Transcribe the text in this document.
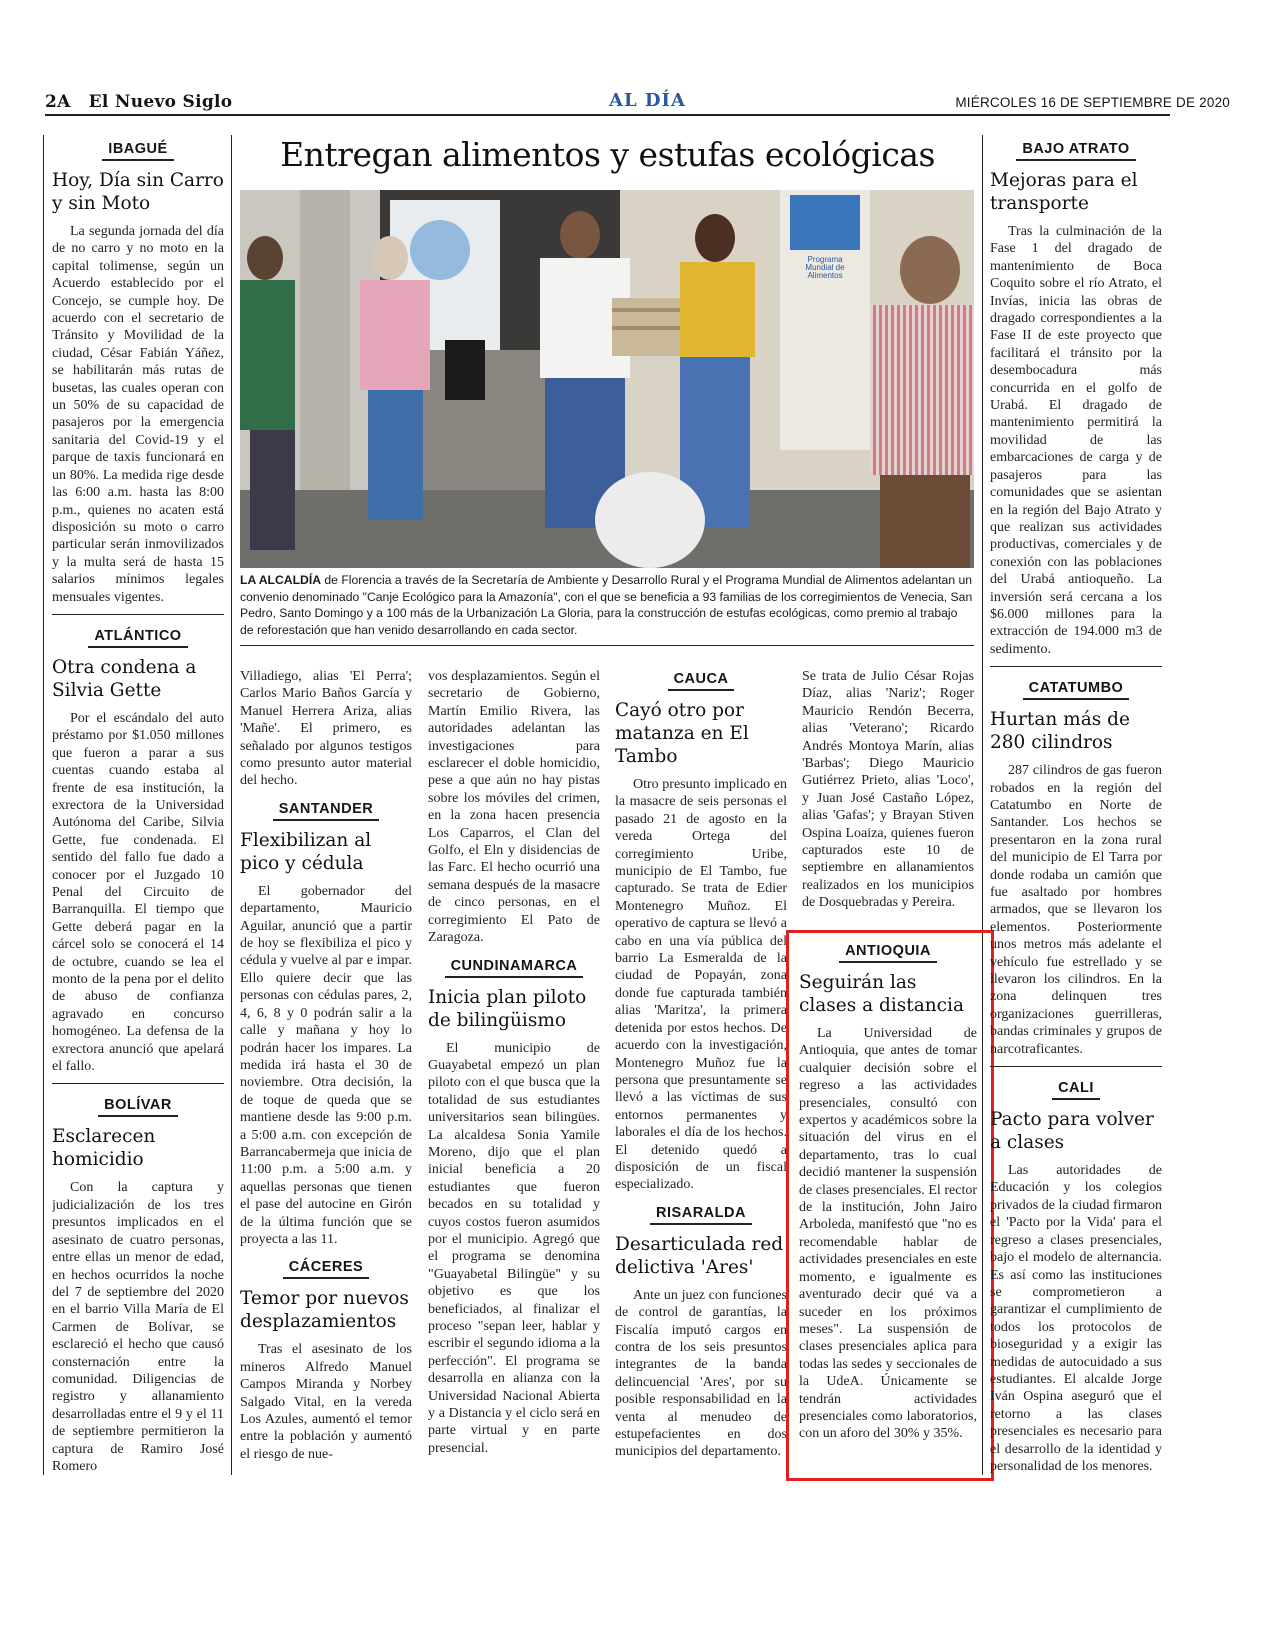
2A El Nuevo Siglo	AL DÍA	MIÉRCOLES 16 DE SEPTIEMBRE DE 2020
IBAGUÉ
Hoy, Día sin Carro y sin Moto
La segunda jornada del día de no carro y no moto en la capital tolimense, según un Acuerdo establecido por el Concejo, se cumple hoy. De acuerdo con el secretario de Tránsito y Movilidad de la ciudad, César Fabián Yáñez, se habilitarán más rutas de busetas, las cuales operan con un 50% de su capacidad de pasajeros por la emergencia sanitaria del Covid-19 y el parque de taxis funcionará en un 80%. La medida rige desde las 6:00 a.m. hasta las 8:00 p.m., quienes no acaten está disposición su moto o carro particular serán inmovilizados y la multa será de hasta 15 salarios mínimos legales mensuales vigentes.
ATLÁNTICO
Otra condena a Silvia Gette
Por el escándalo del auto préstamo por $1.050 millones que fueron a parar a sus cuentas cuando estaba al frente de esa institución, la exrectora de la Universidad Autónoma del Caribe, Silvia Gette, fue condenada. El sentido del fallo fue dado a conocer por el Juzgado 10 Penal del Circuito de Barranquilla. El tiempo que Gette deberá pagar en la cárcel solo se conocerá el 14 de octubre, cuando se lea el monto de la pena por el delito de abuso de confianza agravado en concurso homogéneo. La defensa de la exrectora anunció que apelará el fallo.
BOLÍVAR
Esclarecen homicidio
Con la captura y judicialización de los tres presuntos implicados en el asesinato de cuatro personas, entre ellas un menor de edad, en hechos ocurridos la noche del 7 de septiembre del 2020 en el barrio Villa María de El Carmen de Bolívar, se esclareció el hecho que causó consternación entre la comunidad. Diligencias de registro y allanamiento desarrolladas entre el 9 y el 11 de septiembre permitieron la captura de Ramiro José Romero
Entregan alimentos y estufas ecológicas
Programa
Mundial de
Alimentos
LA ALCALDÍA de Florencia a través de la Secretaría de Ambiente y Desarrollo Rural y el Programa Mundial de Alimentos adelantan un convenio denominado "Canje Ecológico para la Amazonía", con el que se beneficia a 93 familias de los corregimientos de Venecia, San Pedro, Santo Domingo y a 100 más de la Urbanización La Gloria, para la construcción de estufas ecológicas, como premio al trabajo de reforestación que han venido desarrollando en cada sector.
Villadiego, alias 'El Perra'; Carlos Mario Baños García y Manuel Herrera Ariza, alias 'Mañe'. El primero, es señalado por algunos testigos como presunto autor material del hecho.
SANTANDER
Flexibilizan al pico y cédula
El gobernador del departamento, Mauricio Aguilar, anunció que a partir de hoy se flexibiliza el pico y cédula y vuelve al par e impar. Ello quiere decir que las personas con cédulas pares, 2, 4, 6, 8 y 0 podrán salir a la calle y mañana y hoy lo podrán hacer los impares. La medida irá hasta el 30 de noviembre. Otra decisión, la de toque de queda que se mantiene desde las 9:00 p.m. a 5:00 a.m. con excepción de Barrancabermeja que inicia de 11:00 p.m. a 5:00 a.m. y aquellas personas que tienen el pase del autocine en Girón de la última función que se proyecta a las 11.
CÁCERES
Temor por nuevos desplazamientos
Tras el asesinato de los mineros Alfredo Manuel Campos Miranda y Norbey Salgado Vital, en la vereda Los Azules, aumentó el temor entre la población y aumentó el riesgo de nue-
vos desplazamientos. Según el secretario de Gobierno, Martín Emilio Rivera, las autoridades adelantan las investigaciones para esclarecer el doble homicidio, pese a que aún no hay pistas sobre los móviles del crimen, en la zona hacen presencia Los Caparros, el Clan del Golfo, el Eln y disidencias de las Farc. El hecho ocurrió una semana después de la masacre de cinco personas, en el corregimiento El Pato de Zaragoza.
CUNDINAMARCA
Inicia plan piloto de bilingüismo
El municipio de Guayabetal empezó un plan piloto con el que busca que la totalidad de sus estudiantes universitarios sean bilingües. La alcaldesa Sonia Yamile Moreno, dijo que el plan inicial beneficia a 20 estudiantes que fueron becados en su totalidad y cuyos costos fueron asumidos por el municipio. Agregó que el programa se denomina "Guayabetal Bilingüe" y su objetivo es que los beneficiados, al finalizar el proceso "sepan leer, hablar y escribir el segundo idioma a la perfección". El programa se desarrolla en alianza con la Universidad Nacional Abierta y a Distancia y el ciclo será en parte virtual y en parte presencial.
CAUCA
Cayó otro por matanza en El Tambo
Otro presunto implicado en la masacre de seis personas el pasado 21 de agosto en la vereda Ortega del corregimiento Uribe, municipio de El Tambo, fue capturado. Se trata de Edier Montenegro Muñoz. El operativo de captura se llevó a cabo en una vía pública del barrio La Esmeralda de la ciudad de Popayán, zona donde fue capturada también alias 'Maritza', la primera detenida por estos hechos. De acuerdo con la investigación, Montenegro Muñoz fue la persona que presuntamente se llevó a las víctimas de sus entornos permanentes y laborales el día de los hechos. El detenido quedó a disposición de un fiscal especializado.
RISARALDA
Desarticulada red delictiva 'Ares'
Ante un juez con funciones de control de garantías, la Fiscalía imputó cargos en contra de los seis presuntos integrantes de la banda delincuencial 'Ares', por su posible responsabilidad en la venta al menudeo de estupefacientes en dos municipios del departamento.
Se trata de Julio César Rojas Díaz, alias 'Nariz'; Roger Mauricio Rendón Becerra, alias 'Veterano'; Ricardo Andrés Montoya Marín, alias 'Barbas'; Diego Mauricio Gutiérrez Prieto, alias 'Loco', y Juan José Castaño López, alias 'Gafas'; y Brayan Stiven Ospina Loaiza, quienes fueron capturados este 10 de septiembre en allanamientos realizados en los municipios de Dosquebradas y Pereira.
ANTIOQUIA
Seguirán las clases a distancia
La Universidad de Antioquia, que antes de tomar cualquier decisión sobre el regreso a las actividades presenciales, consultó con expertos y académicos sobre la situación del virus en el departamento, tras lo cual decidió mantener la suspensión de clases presenciales. El rector de la institución, John Jairo Arboleda, manifestó que "no es recomendable hablar de actividades presenciales en este momento, e igualmente es aventurado decir qué va a suceder en los próximos meses". La suspensión de clases presenciales aplica para todas las sedes y seccionales de la UdeA. Únicamente se tendrán actividades presenciales como laboratorios, con un aforo del 30% y 35%.
BAJO ATRATO
Mejoras para el transporte
Tras la culminación de la Fase 1 del dragado de mantenimiento de Boca Coquito sobre el río Atrato, el Invías, inicia las obras de dragado correspondientes a la Fase II de este proyecto que facilitará el tránsito por la desembocadura más concurrida en el golfo de Urabá. El dragado de mantenimiento permitirá la movilidad de las embarcaciones de carga y de pasajeros para las comunidades que se asientan en la región del Bajo Atrato y que realizan sus actividades productivas, comerciales y de conexión con las poblaciones del Urabá antioqueño. La inversión será cercana a los $6.000 millones para la extracción de 194.000 m3 de sedimento.
CATATUMBO
Hurtan más de 280 cilindros
287 cilindros de gas fueron robados en la región del Catatumbo en Norte de Santander. Los hechos se presentaron en la zona rural del municipio de El Tarra por donde rodaba un camión que fue asaltado por hombres armados, que se llevaron los elementos. Posteriormente unos metros más adelante el vehículo fue estrellado y se llevaron los cilindros. En la zona delinquen tres organizaciones guerrilleras, bandas criminales y grupos de narcotraficantes.
CALI
Pacto para volver a clases
Las autoridades de Educación y los colegios privados de la ciudad firmaron el 'Pacto por la Vida' para el regreso a clases presenciales, bajo el modelo de alternancia. Es así como las instituciones se comprometieron a garantizar el cumplimiento de todos los protocolos de bioseguridad y a exigir las medidas de autocuidado a sus estudiantes. El alcalde Jorge Iván Ospina aseguró que el retorno a las clases presenciales es necesario para el desarrollo de la identidad y personalidad de los menores.
